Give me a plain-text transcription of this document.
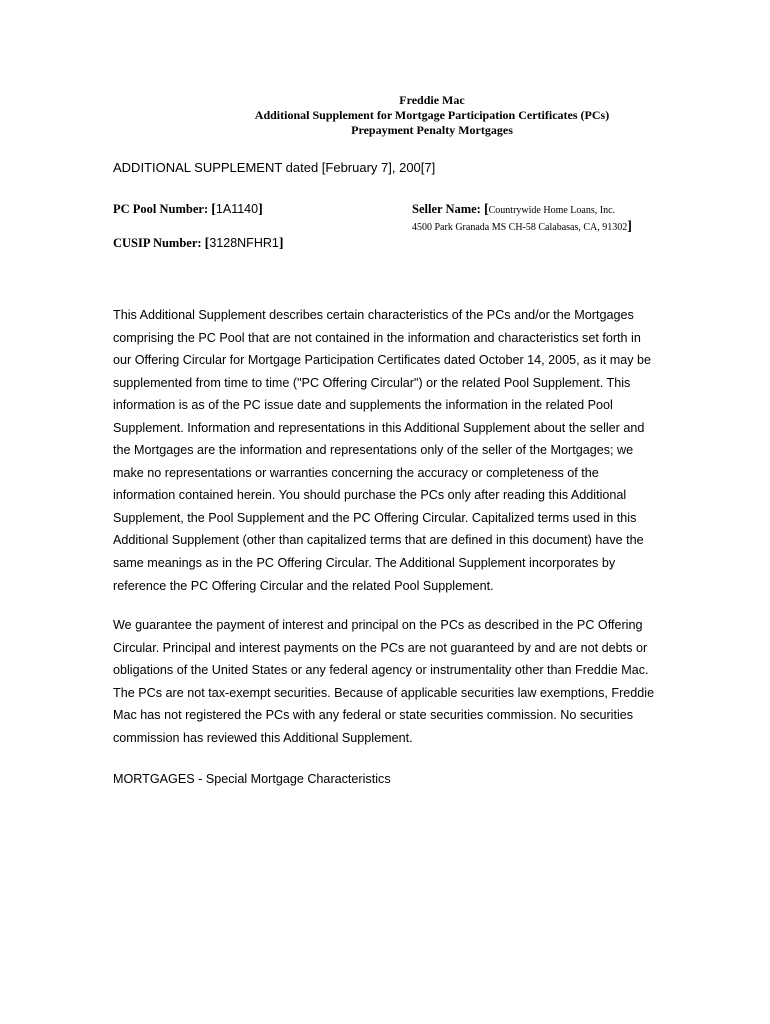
Freddie Mac
Additional Supplement for Mortgage Participation Certificates (PCs)
Prepayment Penalty Mortgages
ADDITIONAL SUPPLEMENT dated [February 7], 200[7]
PC Pool Number: [1A1140]	Seller Name: [Countrywide Home Loans, Inc.
4500 Park Granada MS CH-58 Calabasas, CA, 91302]
CUSIP Number: [3128NFHR1]
This Additional Supplement describes certain characteristics of the PCs and/or the Mortgages
comprising the PC Pool that are not contained in the information and characteristics set forth in
our Offering Circular for Mortgage Participation Certificates dated October 14, 2005, as it may be
supplemented from time to time ("PC Offering Circular") or the related Pool Supplement. This
information is as of the PC issue date and supplements the information in the related Pool
Supplement. Information and representations in this Additional Supplement about the seller and
the Mortgages are the information and representations only of the seller of the Mortgages; we
make no representations or warranties concerning the accuracy or completeness of the
information contained herein. You should purchase the PCs only after reading this Additional
Supplement, the Pool Supplement and the PC Offering Circular. Capitalized terms used in this
Additional Supplement (other than capitalized terms that are defined in this document) have the
same meanings as in the PC Offering Circular. The Additional Supplement incorporates by
reference the PC Offering Circular and the related Pool Supplement.
We guarantee the payment of interest and principal on the PCs as described in the PC Offering
Circular. Principal and interest payments on the PCs are not guaranteed by and are not debts or
obligations of the United States or any federal agency or instrumentality other than Freddie Mac.
The PCs are not tax-exempt securities. Because of applicable securities law exemptions, Freddie
Mac has not registered the PCs with any federal or state securities commission. No securities
commission has reviewed this Additional Supplement.
MORTGAGES - Special Mortgage Characteristics
